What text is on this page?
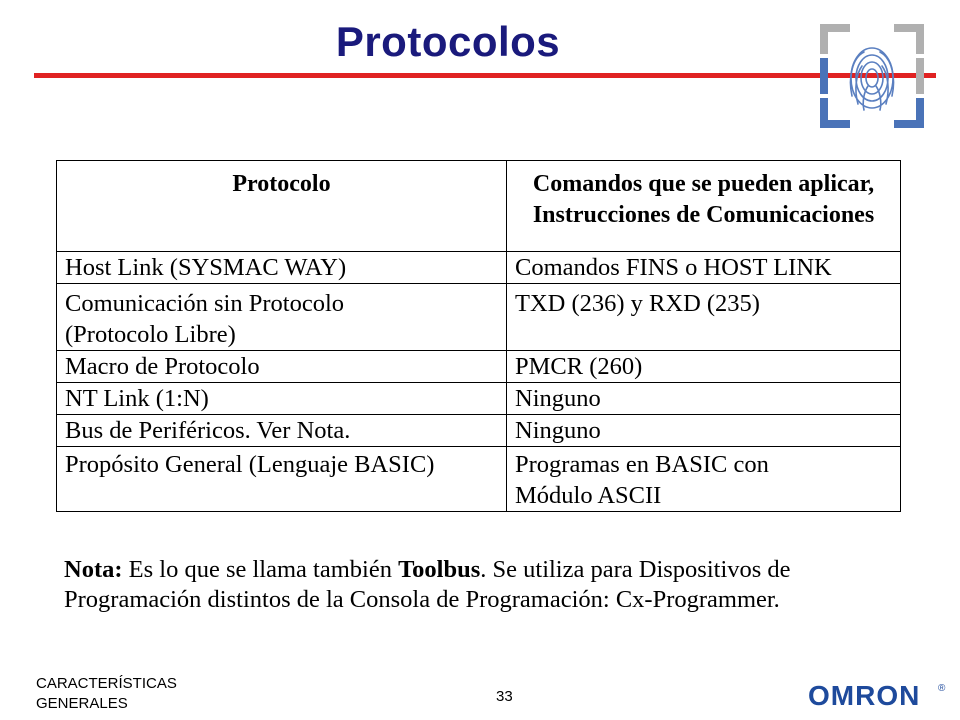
Protocolos
Protocolo	Comandos que se pueden aplicar, Instrucciones de Comunicaciones

Host Link (SYSMAC WAY)	Comandos FINS o HOST LINK

Comunicación sin Protocolo (Protocolo Libre)	TXD (236) y RXD (235)

Macro de Protocolo	PMCR (260)

NT Link (1:N)	Ninguno

Bus de Periféricos. Ver Nota.	Ninguno

Propósito General (Lenguaje BASIC)	Programas en BASIC con Módulo ASCII
Nota: Es lo que se llama también Toolbus. Se utiliza para Dispositivos de Programación distintos de la Consola de Programación: Cx-Programmer.
CARACTERÍSTICAS
GENERALES	33	OMRON ®
